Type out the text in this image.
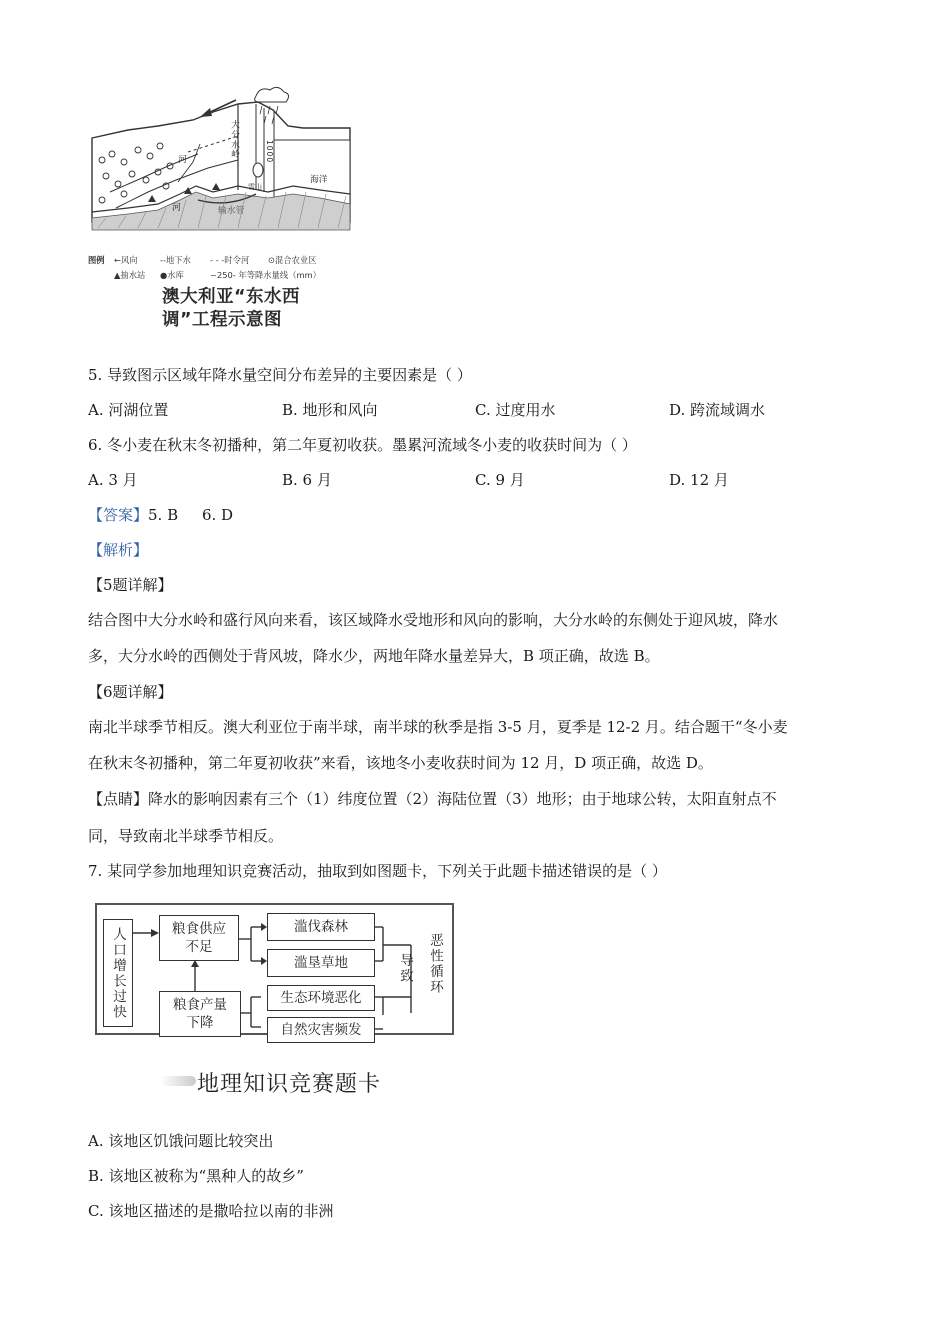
大分水岭
海洋
输水管
河
河
1000
雪山
图例 ←风向	--地下水 - - -时令河 ⊙混合农业区
▲抽水站 ●水库	~250- 年等降水量线（mm）
澳大利亚“东水西
调”工程示意图
5. 导致图示区域年降水量空间分布差异的主要因素是（ ）
A. 河湖位置	B. 地形和风向	C. 过度用水	D. 跨流域调水
6. 冬小麦在秋末冬初播种，第二年夏初收获。墨累河流域冬小麦的收获时间为（ ）
A. 3 月	B. 6 月	C. 9 月	D. 12 月
【答案】5. B     6. D
【解析】
【5题详解】
结合图中大分水岭和盛行风向来看，该区域降水受地形和风向的影响，大分水岭的东侧处于迎风坡，降水
多，大分水岭的西侧处于背风坡，降水少，两地年降水量差异大，B 项正确，故选 B。
【6题详解】
南北半球季节相反。澳大利亚位于南半球，南半球的秋季是指 3-5 月，夏季是 12-2 月。结合题干“冬小麦
在秋末冬初播种，第二年夏初收获”来看，该地冬小麦收获时间为 12 月，D 项正确，故选 D。
【点睛】降水的影响因素有三个（1）纬度位置（2）海陆位置（3）地形；由于地球公转，太阳直射点不
同，导致南北半球季节相反。
7. 某同学参加地理知识竞赛活动，抽取到如图题卡，下列关于此题卡描述错误的是（ ）
人口增长过快	粮食供应不足
滥伐森林
滥垦草地
粮食产量下降
生态环境恶化
自然灾害频发
导致 恶性循环
地理知识竞赛题卡
A. 该地区饥饿问题比较突出
B. 该地区被称为“黑种人的故乡”
C. 该地区描述的是撒哈拉以南的非洲
